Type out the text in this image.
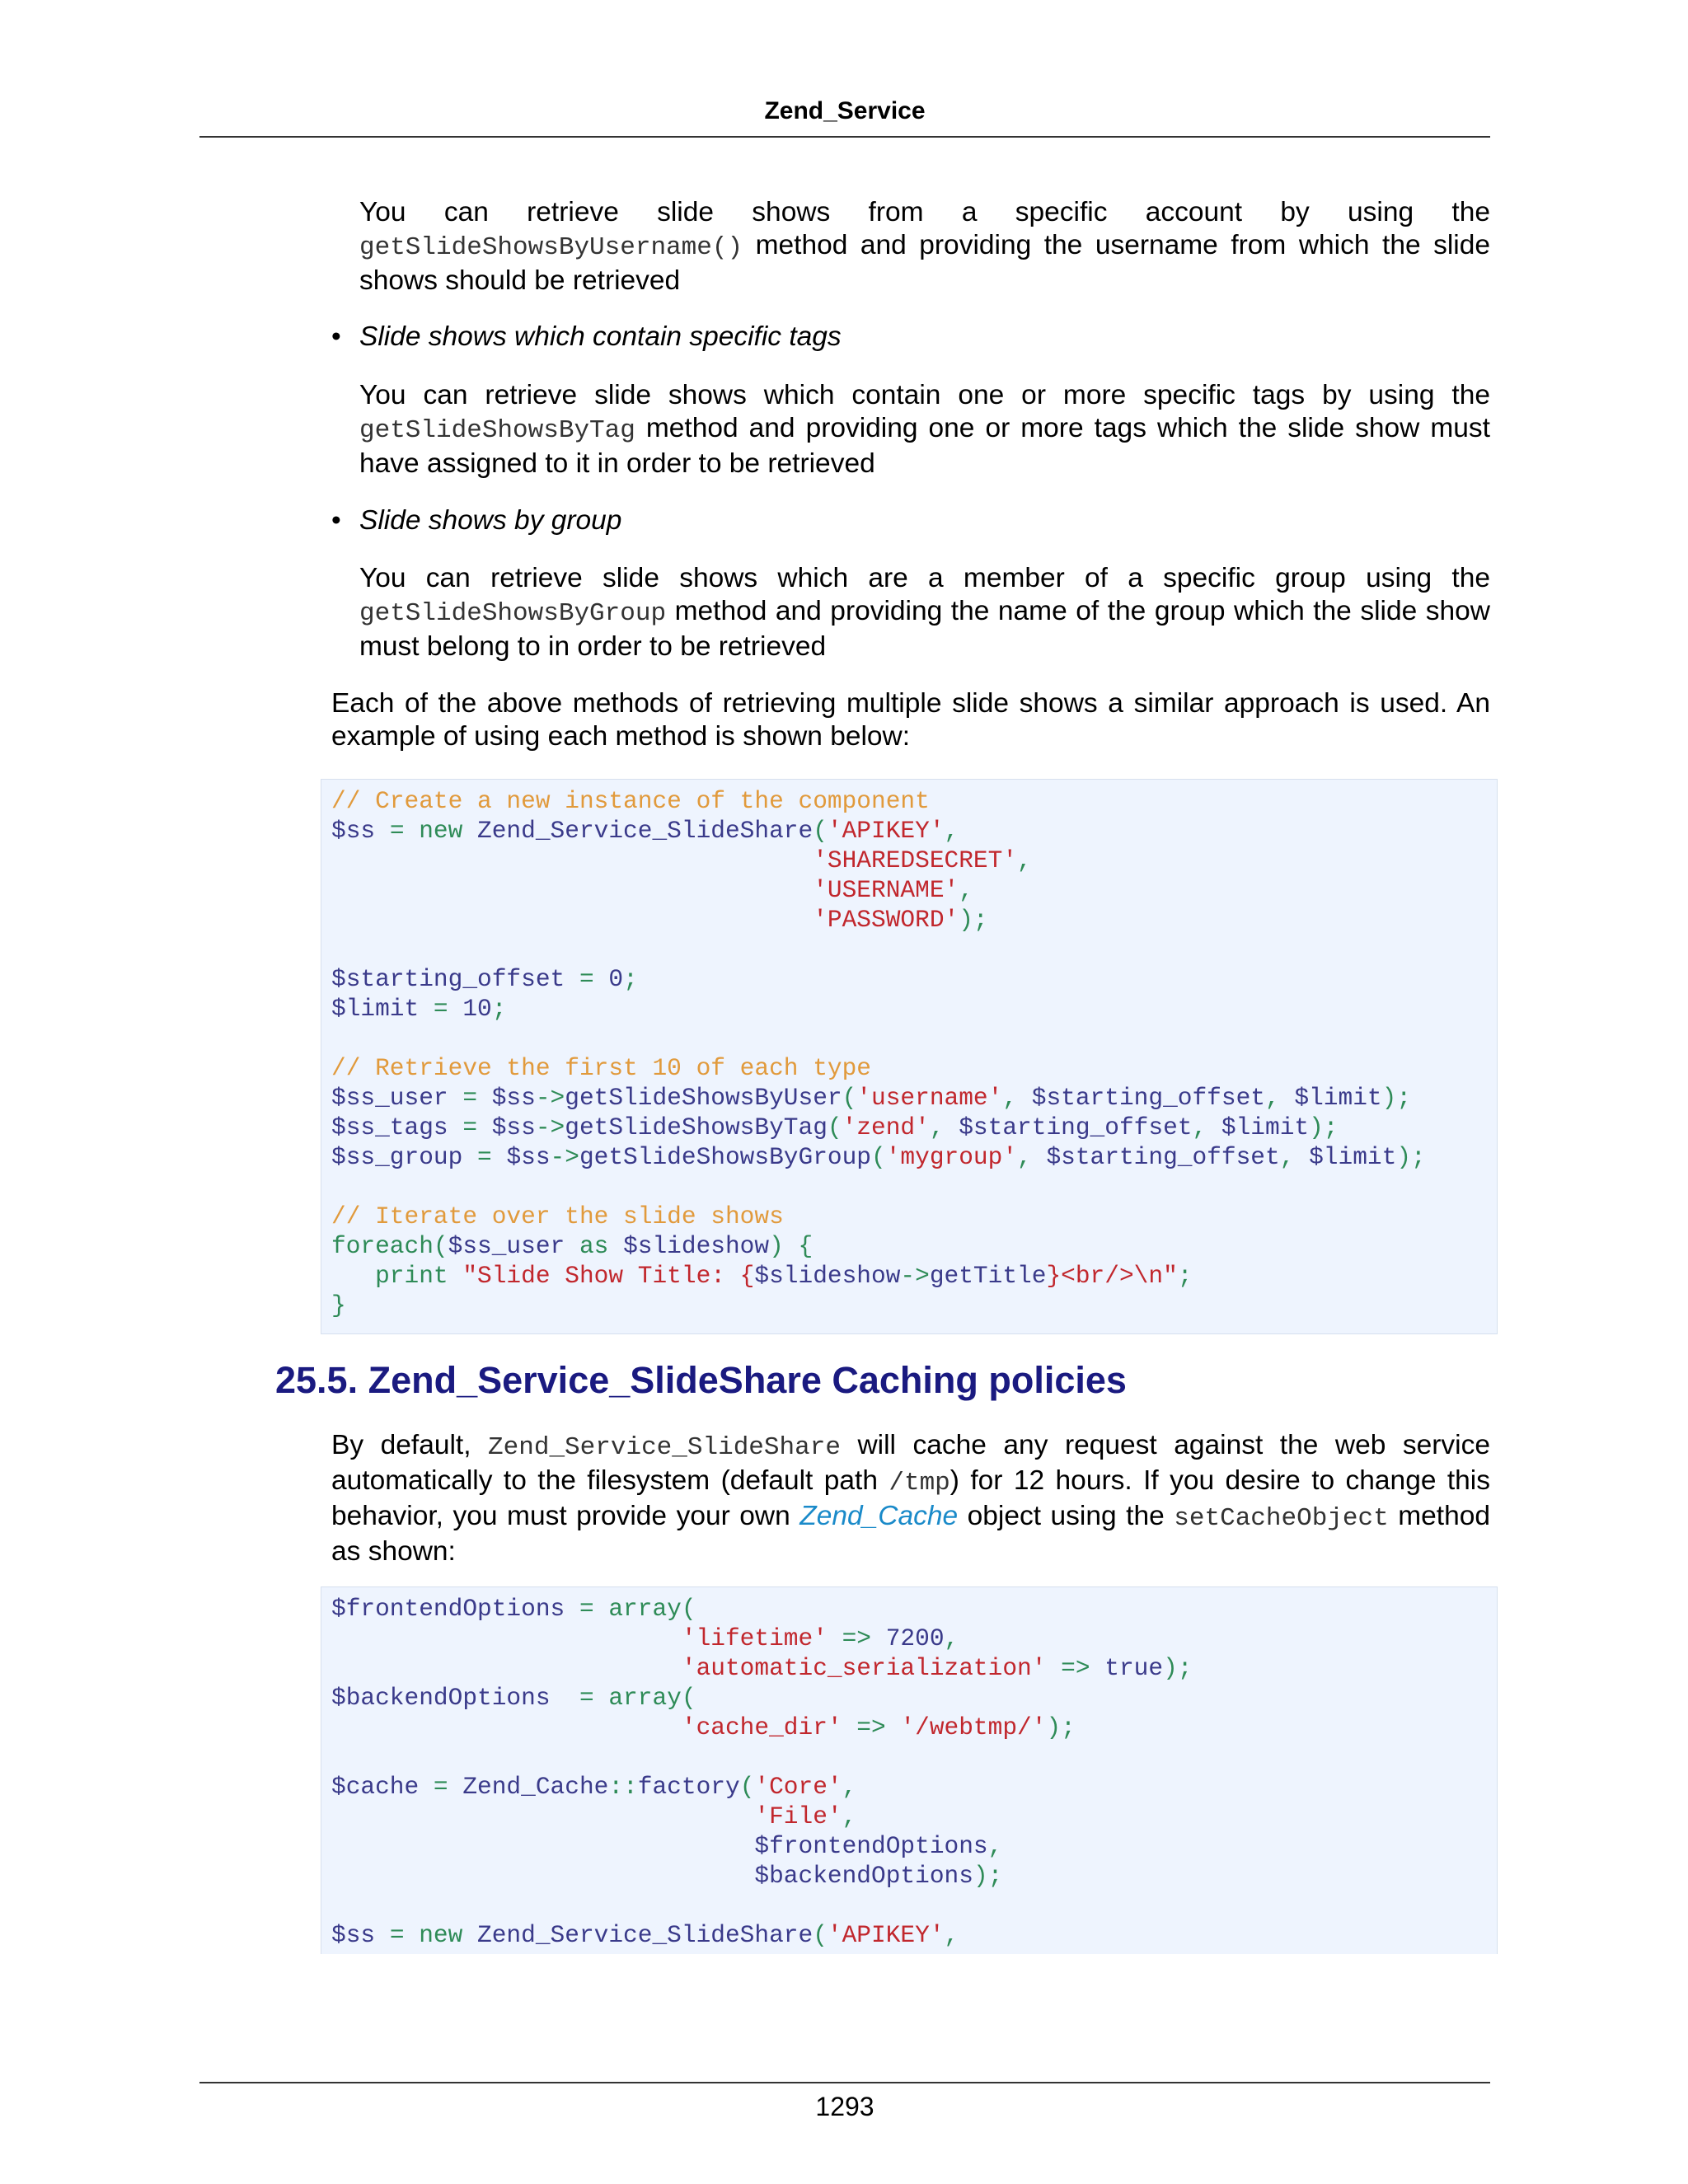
Zend_Service
You can retrieve slide shows from a specific account by using the
getSlideShowsByUsername() method and providing the username from which the slide
shows should be retrieved
• Slide shows which contain specific tags
You can retrieve slide shows which contain one or more specific tags by using the
getSlideShowsByTag method and providing one or more tags which the slide show must
have assigned to it in order to be retrieved
• Slide shows by group
You can retrieve slide shows which are a member of a specific group using the
getSlideShowsByGroup method and providing the name of the group which the slide show
must belong to in order to be retrieved
Each of the above methods of retrieving multiple slide shows a similar approach is used. An
example of using each method is shown below:
// Create a new instance of the component
$ss = new Zend_Service_SlideShare('APIKEY',
'SHAREDSECRET',
'USERNAME',
'PASSWORD');

$starting_offset = 0;
$limit = 10;

// Retrieve the first 10 of each type
$ss_user = $ss->getSlideShowsByUser('username', $starting_offset, $limit);
$ss_tags = $ss->getSlideShowsByTag('zend', $starting_offset, $limit);
$ss_group = $ss->getSlideShowsByGroup('mygroup', $starting_offset, $limit);

// Iterate over the slide shows
foreach($ss_user as $slideshow) {
print "Slide Show Title: {$slideshow->getTitle}<br/>\n";
}

25.5. Zend_Service_SlideShare Caching policies
By default, Zend_Service_SlideShare will cache any request against the web service
automatically to the filesystem (default path /tmp) for 12 hours. If you desire to change this
behavior, you must provide your own Zend_Cache object using the setCacheObject method
as shown:
$frontendOptions = array(
'lifetime' => 7200,
'automatic_serialization' => true);
$backendOptions  = array(
'cache_dir' => '/webtmp/');

$cache = Zend_Cache::factory('Core',
'File',
$frontendOptions,
$backendOptions);

$ss = new Zend_Service_SlideShare('APIKEY',

1293
